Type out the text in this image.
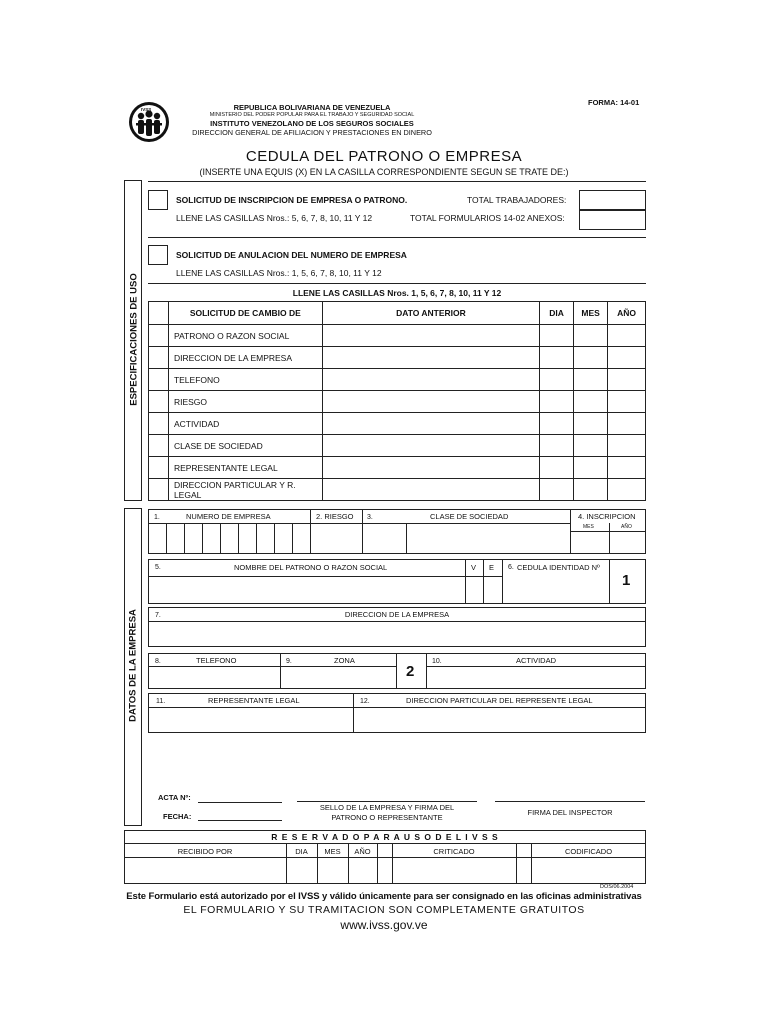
FORMA: 14-01
IVSS	REPUBLICA BOLIVARIANA DE VENEZUELA
MINISTERIO DEL PODER POPULAR PARA EL TRABAJO Y SEGURIDAD SOCIAL
INSTITUTO VENEZOLANO DE LOS SEGUROS SOCIALES
DIRECCION GENERAL DE AFILIACION Y PRESTACIONES EN DINERO
CEDULA DEL PATRONO O EMPRESA
(INSERTE UNA EQUIS (X) EN LA CASILLA CORRESPONDIENTE SEGUN SE TRATE DE:)
ESPECIFICACIONES DE USO
SOLICITUD DE INSCRIPCION DE EMPRESA O PATRONO.
LLENE LAS CASILLAS Nros.: 5, 6, 7, 8, 10, 11 Y 12
TOTAL TRABAJADORES:
TOTAL FORMULARIOS 14-02 ANEXOS:
SOLICITUD DE ANULACION DEL NUMERO DE EMPRESA
LLENE LAS CASILLAS Nros.: 1, 5, 6, 7, 8, 10, 11 Y 12
LLENE LAS CASILLAS Nros. 1, 5, 6, 7, 8, 10, 11 Y 12
	SOLICITUD DE CAMBIO DE	DATO ANTERIOR	DIA	MES	AÑO
	PATRONO O RAZON SOCIAL				
	DIRECCION DE LA EMPRESA				
	TELEFONO				
	RIESGO				
	ACTIVIDAD				
	CLASE DE SOCIEDAD				
	REPRESENTANTE LEGAL				
	DIRECCION PARTICULAR Y R. LEGAL				
DATOS DE LA EMPRESA
1.	NUMERO DE EMPRESA	2. RIESGO 3.	CLASE DE SOCIEDAD	4. INSCRIPCION
MES	AÑO
5.	NOMBRE DEL PATRONO O RAZON SOCIAL	V E 6. CEDULA IDENTIDAD Nº
1
7.	DIRECCION DE LA EMPRESA
8.	TELEFONO	9.	ZONA
2
10.	ACTIVIDAD
11.	REPRESENTANTE LEGAL	12.	DIRECCION PARTICULAR DEL REPRESENTE LEGAL
ACTA Nº:
FECHA:
SELLO DE LA EMPRESA Y FIRMA DEL
PATRONO O REPRESENTANTE
FIRMA DEL INSPECTOR
R E S E R V A D O P A R A U S O D E L I V S S
RECIBIDO POR	DIA	MES	AÑO	CRITICADO	CODIFICADO
DOS/06.2004
Este Formulario está autorizado por el IVSS y válido únicamente para ser consignado en las oficinas administrativas
EL FORMULARIO Y SU TRAMITACION SON COMPLETAMENTE GRATUITOS
www.ivss.gov.ve
